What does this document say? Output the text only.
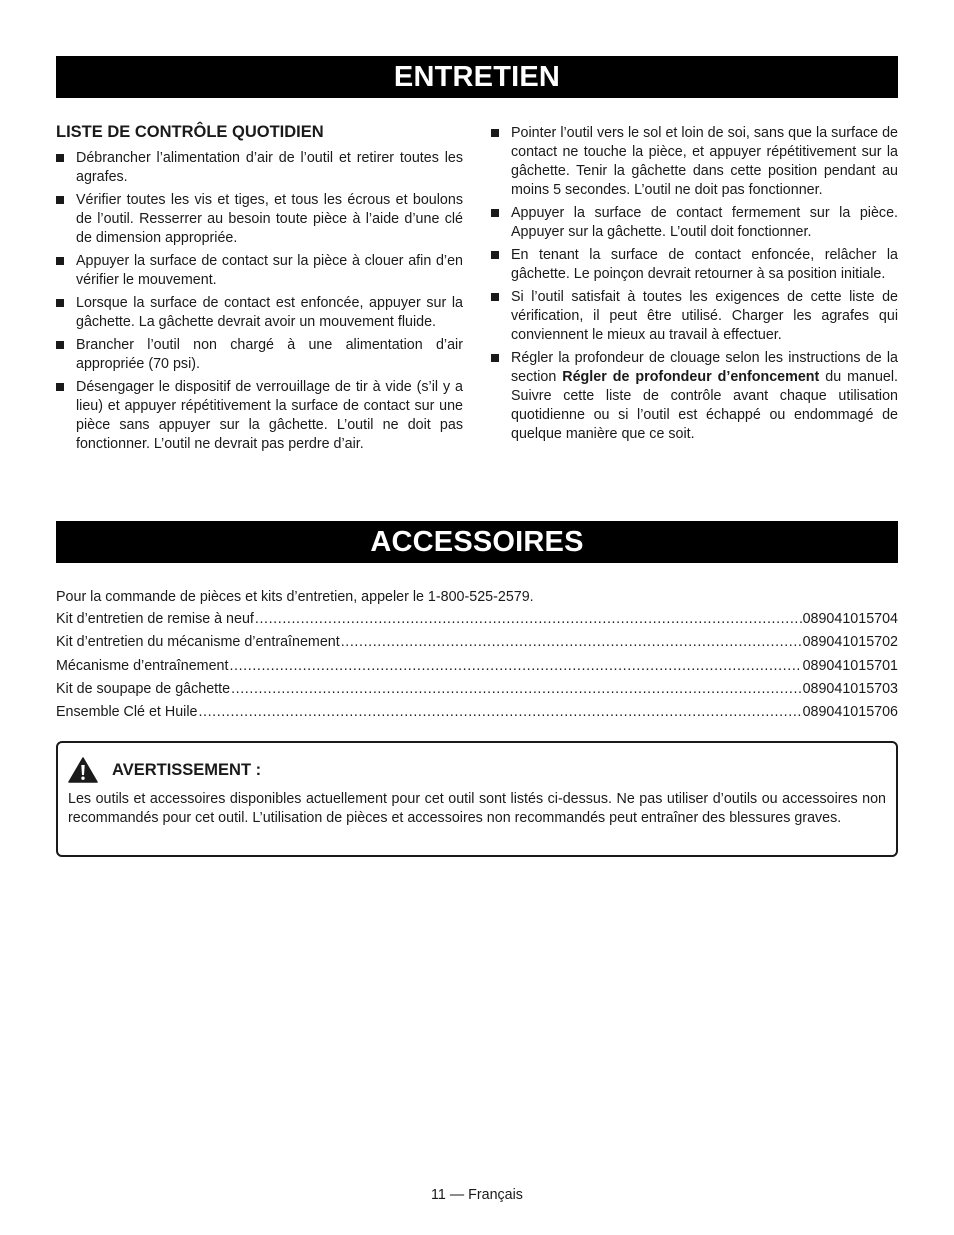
ENTRETIEN
LISTE DE CONTRÔLE QUOTIDIEN
Débrancher l’alimentation d’air de l’outil et retirer toutes les agrafes.
Vérifier toutes les vis et tiges, et tous les écrous et boulons de l’outil. Resserrer au besoin toute pièce à l’aide d’une clé de dimension appropriée.
Appuyer la surface de contact sur la pièce à clouer afin d’en vérifier le mouvement.
Lorsque la surface de contact est enfoncée, appuyer sur la gâchette. La gâchette devrait avoir un mouvement fluide.
Brancher l’outil non chargé à une alimentation d’air appropriée (70 psi).
Désengager le dispositif de verrouillage de tir à vide (s’il y a lieu) et appuyer répétitivement la surface de contact sur une pièce sans appuyer sur la gâchette. L’outil ne doit pas fonctionner. L’outil ne devrait pas perdre d’air.
Pointer l’outil vers le sol et loin de soi, sans que la surface de contact ne touche la pièce, et appuyer répétitivement sur la gâchette. Tenir la gâchette dans cette position pendant au moins 5 secondes. L’outil ne doit pas fonctionner.
Appuyer la surface de contact fermement sur la pièce. Appuyer sur la gâchette. L’outil doit fonctionner.
En tenant la surface de contact enfoncée, relâcher la gâchette. Le poinçon devrait retourner à sa position initiale.
Si l’outil satisfait à toutes les exigences de cette liste de vérification, il peut être utilisé. Charger les agrafes qui conviennent le mieux au travail à effectuer.
Régler la profondeur de clouage selon les instructions de la section Régler de profondeur d’enfoncement du manuel. Suivre cette liste de contrôle avant chaque utilisation quotidienne ou si l’outil est échappé ou endommagé de quelque manière que ce soit.
ACCESSOIRES
Pour la commande de pièces et kits d’entretien, appeler le 1-800-525-2579.
Kit d’entretien de remise à neuf .....	089041015704
Kit d’entretien du mécanisme d’entraînement .....	089041015702
Mécanisme d’entraînement .....	089041015701
Kit de soupape de gâchette .....	089041015703
Ensemble Clé et Huile .....	089041015706
AVERTISSEMENT :
Les outils et accessoires disponibles actuellement pour cet outil sont listés ci-dessus. Ne pas utiliser d’outils ou accessoires non recommandés pour cet outil. L’utilisation de pièces et accessoires non recommandés peut entraîner des blessures graves.
11 — Français
